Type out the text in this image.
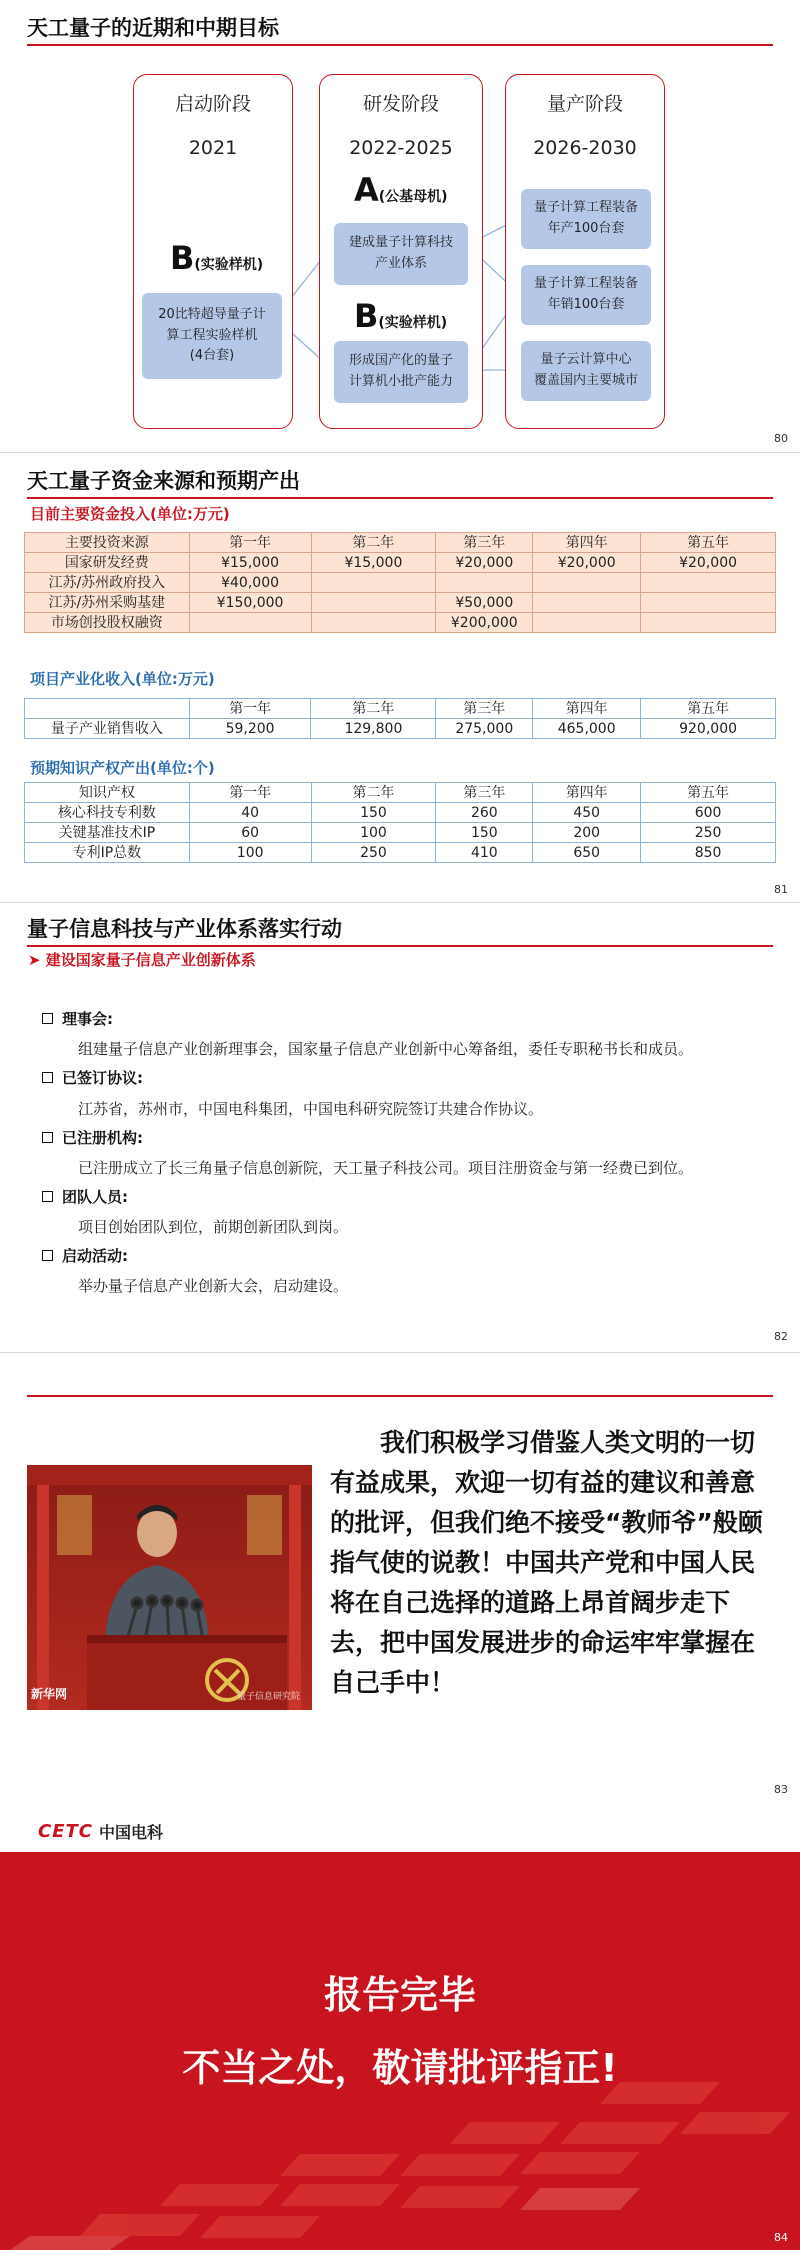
天工量子的近期和中期目标
启动阶段
2021
B(实验样机)
20比特超导量子计
算工程实验样机
(4台套)
研发阶段
2022-2025
A(公基母机)
建成量子计算科技
产业体系
B(实验样机)
形成国产化的量子
计算机小批产能力
量产阶段
2026-2030
量子计算工程装备
年产100台套
量子计算工程装备
年销100台套
量子云计算中心
覆盖国内主要城市
80
天工量子资金来源和预期产出
目前主要资金投入(单位:万元)
主要投资来源	第一年	第二年	第三年	第四年	第五年
国家研发经费	¥15,000	¥15,000	¥20,000	¥20,000	¥20,000
江苏/苏州政府投入	¥40,000				
江苏/苏州采购基建	¥150,000		¥50,000		
市场创投股权融资			¥200,000		
项目产业化收入(单位:万元)
	第一年	第二年	第三年	第四年	第五年
量子产业销售收入	59,200	129,800	275,000	465,000	920,000
预期知识产权产出(单位:个)
知识产权	第一年	第二年	第三年	第四年	第五年
核心科技专利数	40	150	260	450	600
关键基准技术IP	60	100	150	200	250
专利IP总数	100	250	410	650	850
81
量子信息科技与产业体系落实行动
➤ 建设国家量子信息产业创新体系
理事会:
组建量子信息产业创新理事会，国家量子信息产业创新中心筹备组，委任专职秘书长和成员。
已签订协议:
江苏省，苏州市，中国电科集团，中国电科研究院签订共建合作协议。
已注册机构:
已注册成立了长三角量子信息创新院，天工量子科技公司。项目注册资金与第一经费已到位。
团队人员:
项目创始团队到位，前期创新团队到岗。
启动活动:
举办量子信息产业创新大会，启动建设。
82
新华网	量子信息研究院
我们积极学习借鉴人类文明的一切有益成果，欢迎一切有益的建议和善意的批评，但我们绝不接受“教师爷”般颐指气使的说教！中国共产党和中国人民将在自己选择的道路上昂首阔步走下去，把中国发展进步的命运牢牢掌握在自己手中！
83
CETC 中国电科
报告完毕
不当之处，敬请批评指正!
84
